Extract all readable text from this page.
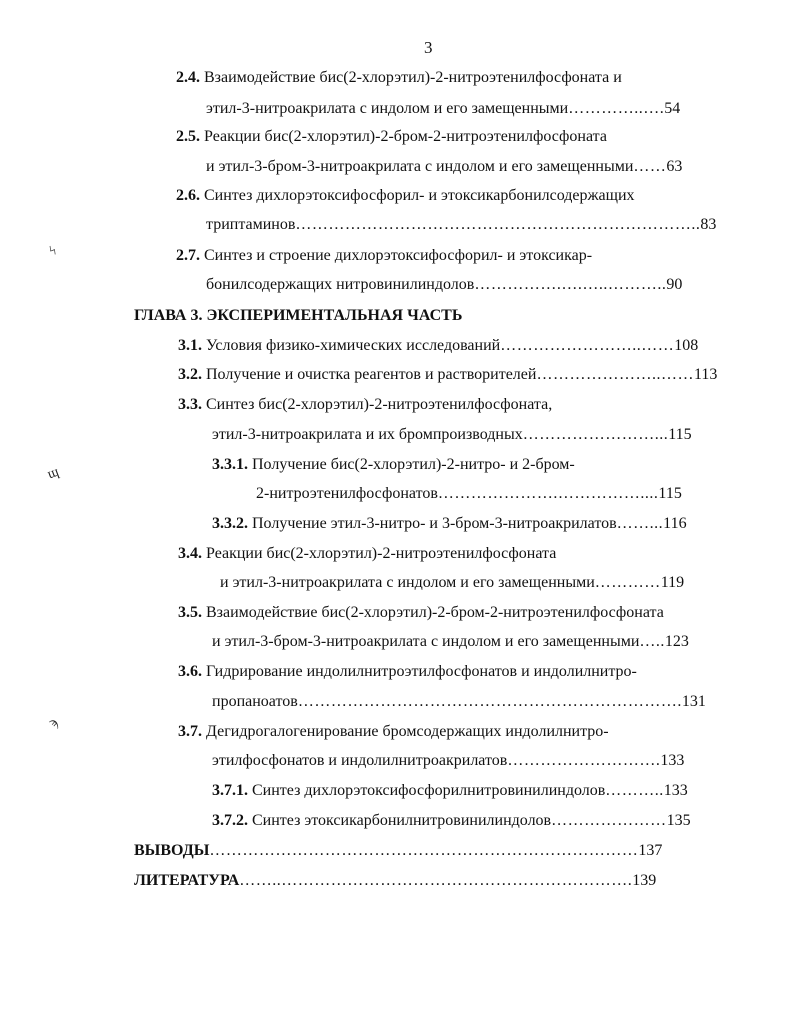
3
2.4. Взаимодействие бис(2-хлорэтил)-2-нитроэтенилфосфоната и
этил-3-нитроакрилата с индолом и его замещенными…………..….54
2.5. Реакции бис(2-хлорэтил)-2-бром-2-нитроэтенилфосфоната
и этил-3-бром-3-нитроакрилата с индолом и его замещенными……63
2.6. Синтез дихлорэтоксифосфорил- и этоксикарбонилсодержащих
триптаминов………………………………………………………………..83
2.7. Синтез и строение дихлорэтоксифосфорил- и этоксикар-
бонилсодержащих нитровинилиндолов…………….….…..………..90
ГЛАВА 3. ЭКСПЕРИМЕНТАЛЬНАЯ ЧАСТЬ
3.1. Условия физико-химических исследований……………………..……108
3.2. Получение и очистка реагентов и растворителей…………………..……113
3.3. Синтез бис(2-хлорэтил)-2-нитроэтенилфосфоната,
этил-3-нитроакрилата и их бромпроизводных……………………...115
3.3.1. Получение бис(2-хлорэтил)-2-нитро- и 2-бром-
2-нитроэтенилфосфонатов………………….……………....115
3.3.2. Получение этил-3-нитро- и 3-бром-3-нитроакрилатов……...116
3.4. Реакции бис(2-хлорэтил)-2-нитроэтенилфосфоната
и этил-3-нитроакрилата с индолом и его замещенными…………119
3.5. Взаимодействие бис(2-хлорэтил)-2-бром-2-нитроэтенилфосфоната
и этил-3-бром-3-нитроакрилата с индолом и его замещенными…..123
3.6. Гидрирование индолилнитроэтилфосфонатов и индолилнитро-
пропаноатов…………………………………………………………….131
3.7. Дегидрогалогенирование бромсодержащих индолилнитро-
этилфосфонатов и индолилнитроакрилатов……………………….133
3.7.1. Синтез дихлорэтоксифосфорилнитровинилиндолов………..133
3.7.2. Синтез этоксикарбонилнитровинилиндолов…………………135
ВЫВОДЫ……………………………………………………………………137
ЛИТЕРАТУРА……..……………………………………………………….139
ϟ
ɰ
ϡ
